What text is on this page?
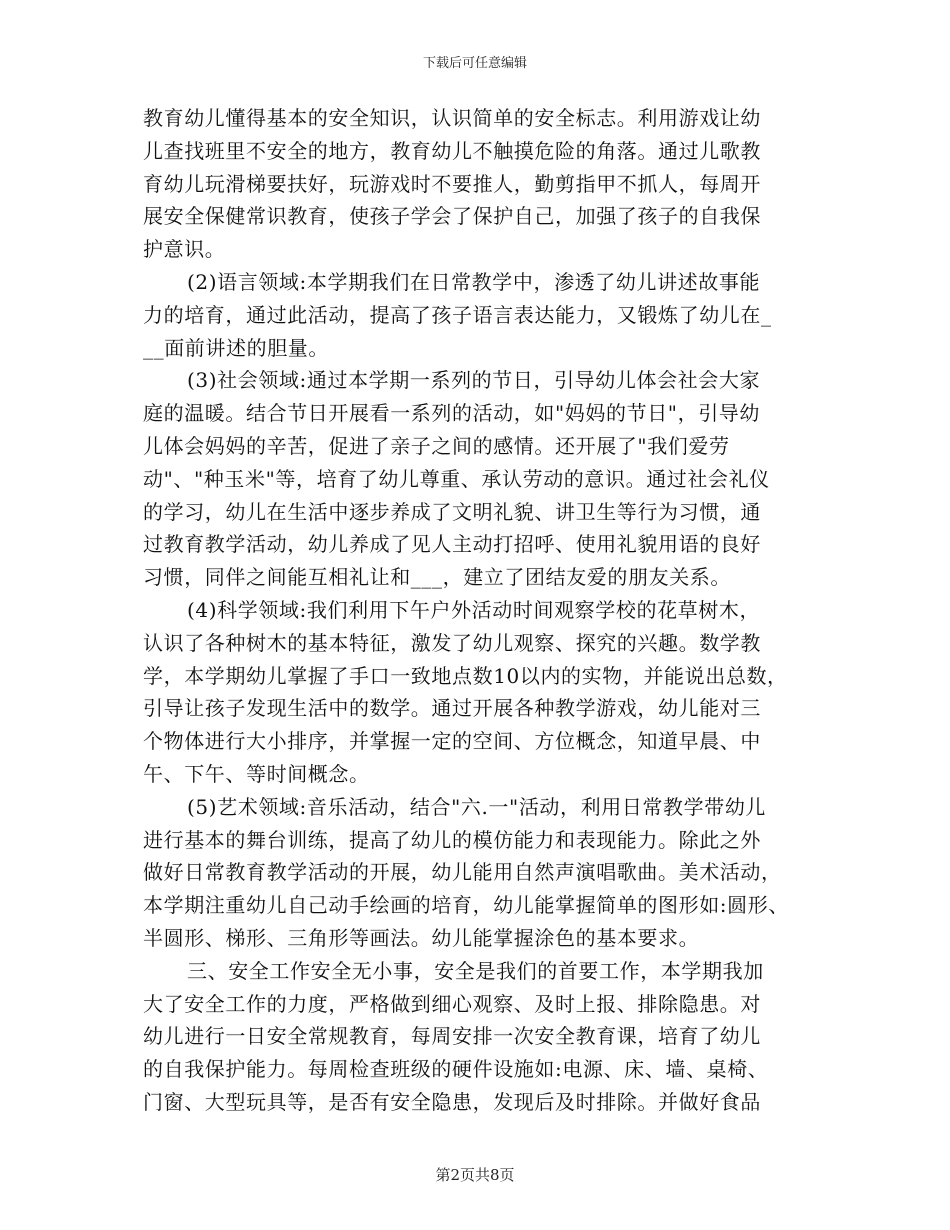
下载后可任意编辑
教育幼儿懂得基本的安全知识，认识简单的安全标志。利用游戏让幼
儿查找班里不安全的地方，教育幼儿不触摸危险的角落。通过儿歌教
育幼儿玩滑梯要扶好，玩游戏时不要推人，勤剪指甲不抓人，每周开
展安全保健常识教育，使孩子学会了保护自己，加强了孩子的自我保
护意识。
(2)语言领域:本学期我们在日常教学中，渗透了幼儿讲述故事能
力的培育，通过此活动，提高了孩子语言表达能力，又锻炼了幼儿在_
__面前讲述的胆量。
(3)社会领域:通过本学期一系列的节日，引导幼儿体会社会大家
庭的温暖。结合节日开展看一系列的活动，如"妈妈的节日"，引导幼
儿体会妈妈的辛苦，促进了亲子之间的感情。还开展了"我们爱劳
动"、"种玉米"等，培育了幼儿尊重、承认劳动的意识。通过社会礼仪
的学习，幼儿在生活中逐步养成了文明礼貌、讲卫生等行为习惯，通
过教育教学活动，幼儿养成了见人主动打招呼、使用礼貌用语的良好
习惯，同伴之间能互相礼让和___，建立了团结友爱的朋友关系。
(4)科学领域:我们利用下午户外活动时间观察学校的花草树木，
认识了各种树木的基本特征，激发了幼儿观察、探究的兴趣。数学教
学，本学期幼儿掌握了手口一致地点数10以内的实物，并能说出总数，
引导让孩子发现生活中的数学。通过开展各种教学游戏，幼儿能对三
个物体进行大小排序，并掌握一定的空间、方位概念，知道早晨、中
午、下午、等时间概念。
(5)艺术领域:音乐活动，结合"六.一"活动，利用日常教学带幼儿
进行基本的舞台训练，提高了幼儿的模仿能力和表现能力。除此之外
做好日常教育教学活动的开展，幼儿能用自然声演唱歌曲。美术活动，
本学期注重幼儿自己动手绘画的培育，幼儿能掌握简单的图形如:圆形、
半圆形、梯形、三角形等画法。幼儿能掌握涂色的基本要求。
三、安全工作安全无小事，安全是我们的首要工作，本学期我加
大了安全工作的力度，严格做到细心观察、及时上报、排除隐患。对
幼儿进行一日安全常规教育，每周安排一次安全教育课，培育了幼儿
的自我保护能力。每周检查班级的硬件设施如:电源、床、墙、桌椅、
门窗、大型玩具等，是否有安全隐患，发现后及时排除。并做好食品
第2页共8页
